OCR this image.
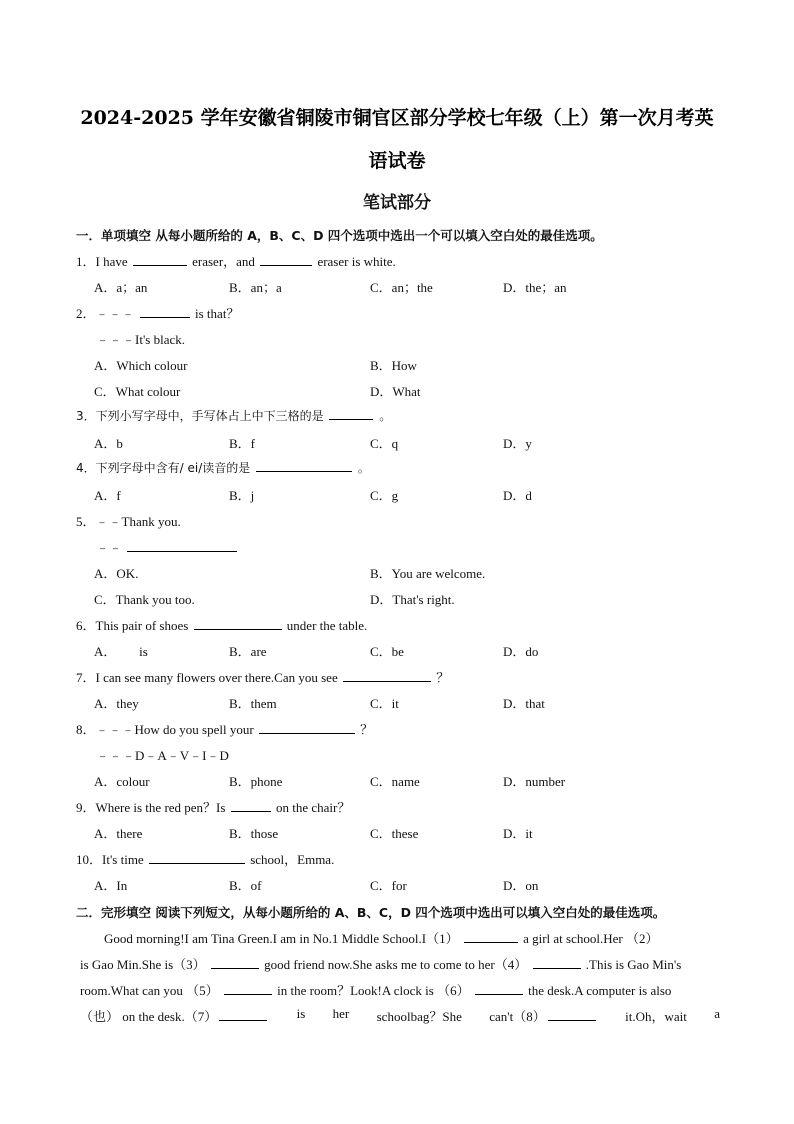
2024-2025 学年安徽省铜陵市铜官区部分学校七年级（上）第一次月考英
语试卷
笔试部分
一．单项填空 从每小题所给的 A，B、C、D 四个选项中选出一个可以填入空白处的最佳选项。
1．I have	eraser，and	eraser is white.
A．a；an	B．an；a	C．an；the	D．the；an
2．﹣﹣﹣	is that？
﹣﹣﹣It's black.
A．Which colour	B．How
C．What colour	D．What
3．下列小写字母中，手写体占上中下三格的是	。
A．b	B．f	C．q	D．y
4．下列字母中含有/ ei/读音的是	。
A．f	B．j	C．g	D．d
5．﹣﹣Thank you.
﹣﹣
A．OK.	B．You are welcome.
C．Thank you too.	D．That's right.
6．This pair of shoes	under the table.
A．       is	B．are	C．be	D．do
7．I can see many flowers over there.Can you see	？
A．they	B．them	C．it	D．that
8．﹣﹣﹣How do you spell your	？
﹣﹣﹣D﹣A﹣V﹣I﹣D
A．colour	B．phone	C．name	D．number
9．Where is the red pen？Is	on the chair？
A．there	B．those	C．these	D．it
10．It's time	school，Emma.
A．In	B．of	C．for	D．on
二．完形填空 阅读下列短文，从每小题所给的 A、B、C，D 四个选项中选出可以填入空白处的最佳选项。
Good morning!I am Tina Green.I am in No.1 Middle School.I（1）	a girl at school.Her （2）
is Gao Min.She is（3）	good friend now.She asks me to come to her（4）	.This is Gao Min's
room.What can you （5）	in the room？Look!A clock is （6）	the desk.A computer is also
（也） on the desk.（7）	is her schoolbag？She can't（8）	it.Oh，wait a
